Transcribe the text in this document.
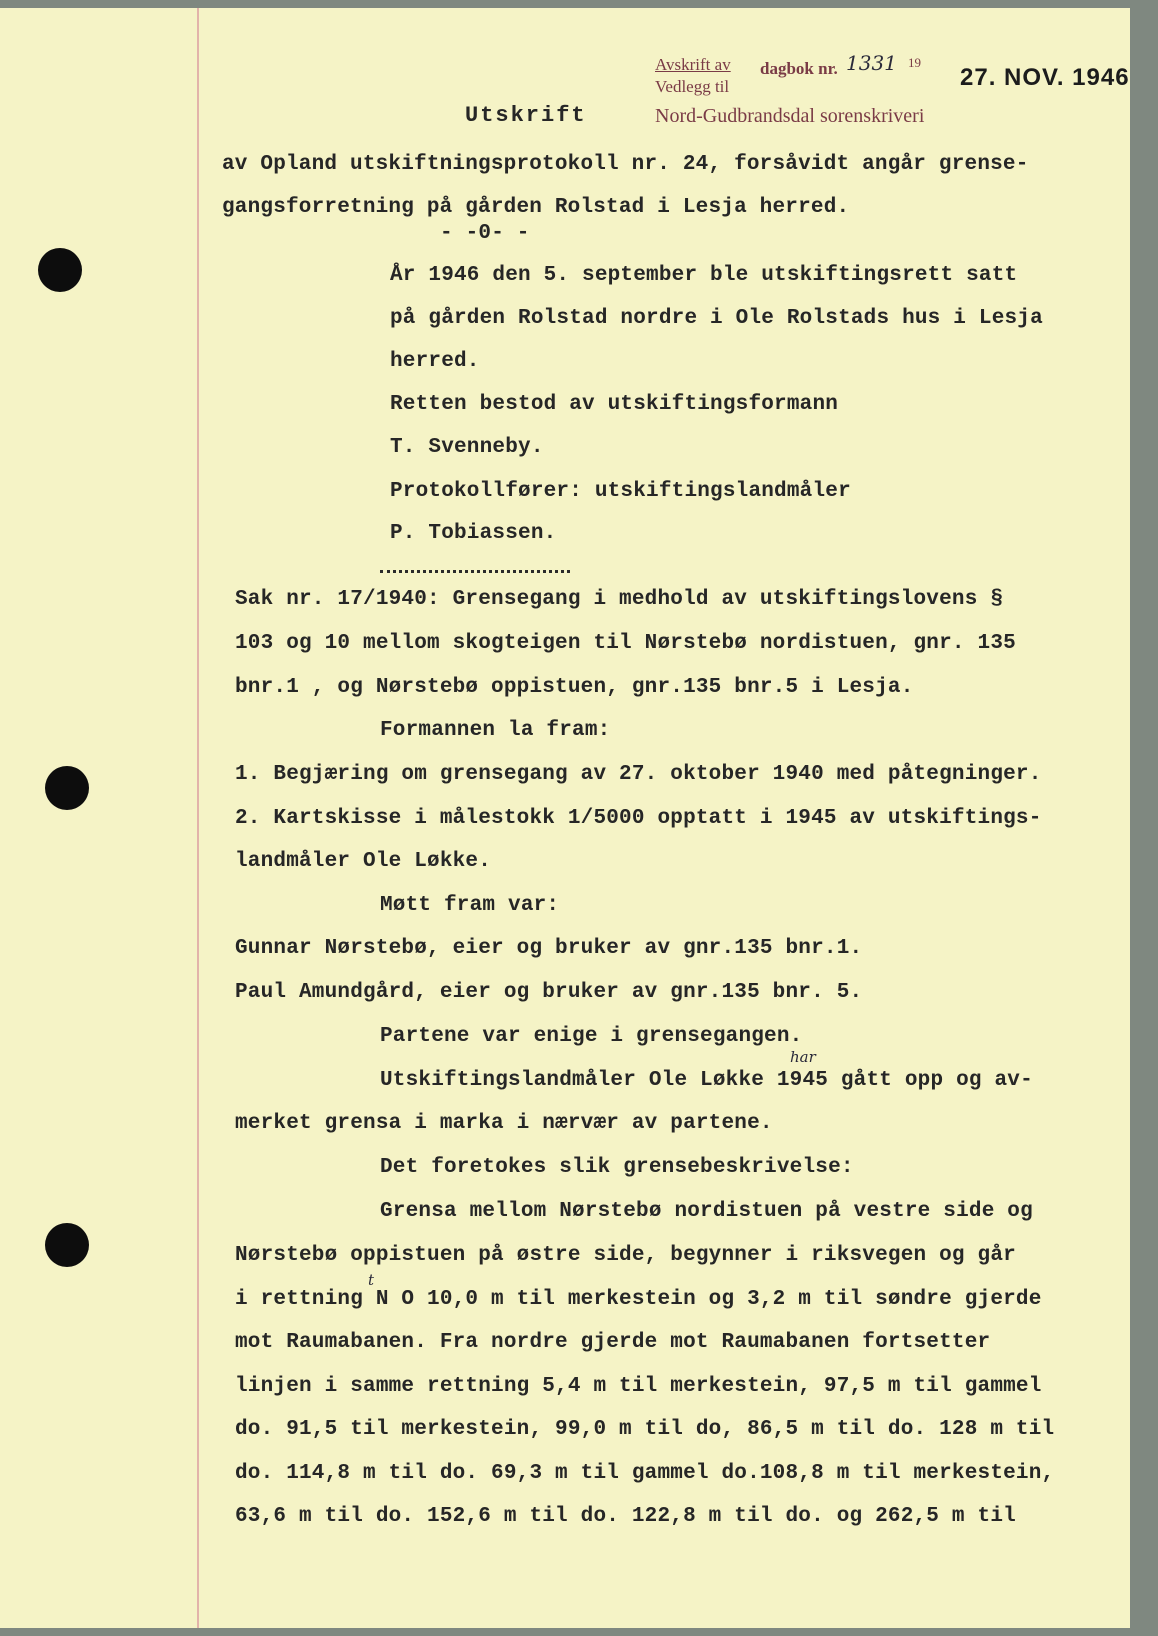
Avskrift av dagbok nr. 1331 19
27. NOV. 1946
Vedlegg til
Nord-Gudbrandsdal sorenskriveri
Utskrift
av Opland utskiftningsprotokoll nr. 24, forsåvidt angår grense-
gangsforretning på gården Rolstad i Lesja herred.
- -0- -
År 1946 den 5. september ble utskiftingsrett satt
på gården Rolstad nordre i Ole Rolstads hus i Lesja
herred.
Retten bestod av utskiftingsformann
T. Svenneby.
Protokollfører: utskiftingslandmåler
P. Tobiassen.
Sak nr. 17/1940: Grensegang i medhold av utskiftingslovens §
103 og 10 mellom skogteigen til Nørstebø nordistuen, gnr. 135
bnr.1 , og Nørstebø oppistuen, gnr.135 bnr.5 i Lesja.
Formannen la fram:
1. Begjæring om grensegang av 27. oktober 1940 med påtegninger.
2. Kartskisse i målestokk 1/5000 opptatt i 1945 av utskiftings-
landmåler Ole Løkke.
Møtt fram var:
Gunnar Nørstebø, eier og bruker av gnr.135 bnr.1.
Paul Amundgård, eier og bruker av gnr.135 bnr. 5.
Partene var enige i grensegangen.
har
Utskiftingslandmåler Ole Løkke 1945 gått opp og av-
merket grensa i marka i nærvær av partene.
Det foretokes slik grensebeskrivelse:
Grensa mellom Nørstebø nordistuen på vestre side og
Nørstebø oppistuen på østre side, begynner i riksvegen og går
t
i rettning N O 10,0 m til merkestein og 3,2 m til søndre gjerde
mot Raumabanen. Fra nordre gjerde mot Raumabanen fortsetter
linjen i samme rettning 5,4 m til merkestein, 97,5 m til gammel
do. 91,5 til merkestein, 99,0 m til do, 86,5 m til do. 128 m til
do. 114,8 m til do. 69,3 m til gammel do.108,8 m til merkestein,
63,6 m til do. 152,6 m til do. 122,8 m til do. og 262,5 m til
